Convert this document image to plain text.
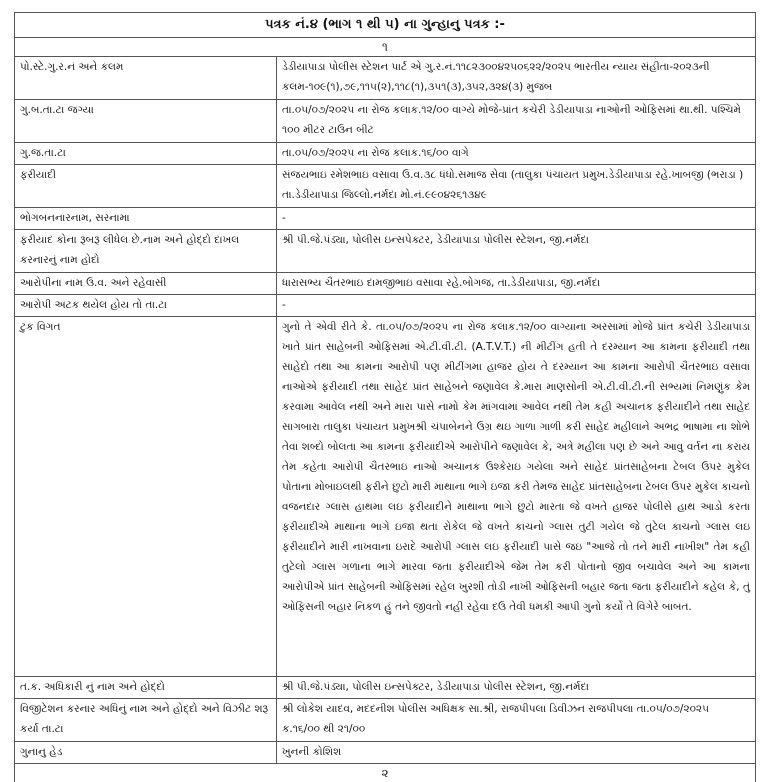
પત્રક નં.૪ (ભાગ ૧ થી ૫) ના ગુન્હાનુ પત્રક :-	
૧	
પો.સ્ટે.ગુ.ર.નં અને કલમ	ડેડીયાપાડા પોલીસ સ્ટેશન પાર્ટ એ ગુ.ર.નં.૧૧૮૨૩૦૦૪૨૫૦૬૨૨/૨૦૨૫ ભારતીય ન્યાય સંહીતા-૨૦૨૩ની કલમ-૧૦૯(૧),૭૯,૧૧૫(૨),૧૧૮(૧),૩૫૧(૩),૩૫૨,૩૨૪(૩) મુજબ
ગુ.બ.તા.ટા જગ્યા	તા.૦૫/૦૭/૨૦૨૫ ના રોજ કલાક.૧૨/૦૦ વાગ્યે મોજે-પ્રાંત કચેરી ડેડીયાપાડા નાઓની ઓફિસમાં થા.થી. પશ્ચિમે ૧૦૦ મીટર ટાઉન બીટ
ગુ.જ.તા.ટા	તા.૦૫/૦૭/૨૦૨૫ ના રોજ કલાક.૧૬/૦૦ વાગે
ફરીયાદી	સંજયભાઇ રમેશભાઇ વસાવા ઉ.વ.૩૮ ધંધો.સમાજ સેવા (તાલુકા પંચાયત પ્રમુખ.ડેડીયાપાડા રહે.ખાબજી (ભરાડા ) તા.ડેડીયાપાડા જિલ્લો.નર્મદા મો.નં.૯૯૦૪૨૬૧૩૪૯
ભોગબનનારનામ, સરનામા	-
ફરીયાદ કોના રૂબરૂ લીધેલ છે.નામ અને હોદ્દો દાખલ કરનારનું નામ હોદો	શ્રી પી.જે.પંડ્યા, પોલીસ ઇન્સપેક્ટર, ડેડીયાપાડા પોલીસ સ્ટેશન, જી.નર્મદા
આરોપીના નામ ઉ.વ. અને રહેવાસી	ધારાસભ્ય ચૈતરભાઇ દામજીભાઇ વસાવા રહે.બોગજ, તા.ડેડીયાપાડા, જી.નર્મદા
આરોપી અટક થયેલ હોય તો તા.ટા	-
ટુક વિગત	ગુનો તે એવી રીતે કે. તા.૦૫/૦૭/૨૦૨૫ ના રોજ કલાક.૧૨/૦૦ વાગ્યાના અરસામાં મોજે પ્રાંત કચેરી ડેડીયાપાડા ખાતે પ્રાંત સાહેબની ઓફિસમાં એ.ટી.વી.ટી. (A.T.V.T.) ની મીટીંગ હતી તે દરમ્યાન આ કામના ફરીયાદી તથા સાહેદો તથા આ કામના આરોપી પણ મીટીંગમા હાજર હોય તે દરમ્યાન આ કામના આરોપી ચૈતરભાઇ વસાવા નાઓએ ફરીયાદી તથા સાહેદ પ્રાંત સાહેબને જણાવેલ કે.મારા માણસોની એ.ટી.વી.ટી.ની સભ્યમાં નિમણુંક કેમ કરવામા આવેલ નથી અને મારા પાસે નામો કેમ માંગવામા આવેલ નથી તેમ કહી અચાનક ફરીયાદીને તથા સાહેદ સાગબારા તાલુકા પંચાયત પ્રમુખશ્રી ચંપાબેનને ઉગ્ર થઇ ગાળા ગાળી કરી સાહેદ મહીલાને અભદ્ર ભાષામા ના શોભે તેવા શબ્દો બોલતા આ કામના ફરીયાદીએ આરોપીને જણાવેલ કે, અત્રે મહીલા પણ છે અને આવુ વર્તન ના કરાય તેમ કહેતા આરોપી ચૈતરભાઇ નાઓ અચાનક ઉશ્કેરાઇ ગયેલા અને સાહેદ પ્રાંતસાહેબના ટેબલ ઉપર મુકેલ પોતાના મોબાઇલથી ફરીને છુટો મારી માથાના ભાગે ઇજા કરી તેમજ સાહેદ પ્રાંતસાહેબના ટેબલ ઉપર મુકેલ કાચનો વજનદાર ગ્લાસ હાથમા લઇ ફરીયાદીને માથાના ભાગે છુટો મારતા જે વખતે હાજર પોલીસે હાથ આડો કરતા ફરીયાદીએ માથાના ભાગે ઇજા થતા રોકેલ જે વખતે કાચનો ગ્લાસ તુટી ગયેલ જે તુટેલ કાચનો ગ્લાસ લઇ ફરીયાદીને મારી નાખવાના ઇરાદે આરોપી ગ્લાસ લઇ ફરીયાદી પાસે જઇ "આજે તો તને મારી નાખીશ" તેમ કહી તુટેલો ગ્લાસ ગળાના ભાગે મારવા જતા ફરીયાદીએ જેમ તેમ કરી પોતાનો જીવ બચાવેલ અને આ કામના આરોપીએ પ્રાંત સાહેબની ઓફિસમાં રહેલ ખુરશી તોડી નાખી ઓફિસની બહાર જતા જતા ફરીયાદીને કહેલ કે, તું ઓફિસની બહાર નિકળ હું તને જીવતો નહી રહેવા દઉ તેવી ધમકી આપી ગુનો કર્યો તે વિગેરે બાબત.
ત.ક. અધિકારી નું નામ અને હોદ્દો	શ્રી પી.જે.પંડ્યા, પોલીસ ઇન્સપેક્ટર, ડેડીયાપાડા પોલીસ સ્ટેશન, જી.નર્મદા
વિજીટેશન કરનાર અધિનું નામ અને હોદ્દો અને વિઝીટ શરૂ કર્યા તા.ટા	શ્રી લોકેશ યાદવ, મદદનીશ પોલીસ અધિક્ષક સા.શ્રી, રાજપીપલા ડિવીઝન રાજપીપલા તા.૦૫/૦૭/૨૦૨૫ ક.૧૬/૦૦ થી ૨૧/૦૦
ગુનાનુ હેડ	ખુનની કોશિશ
૨	
